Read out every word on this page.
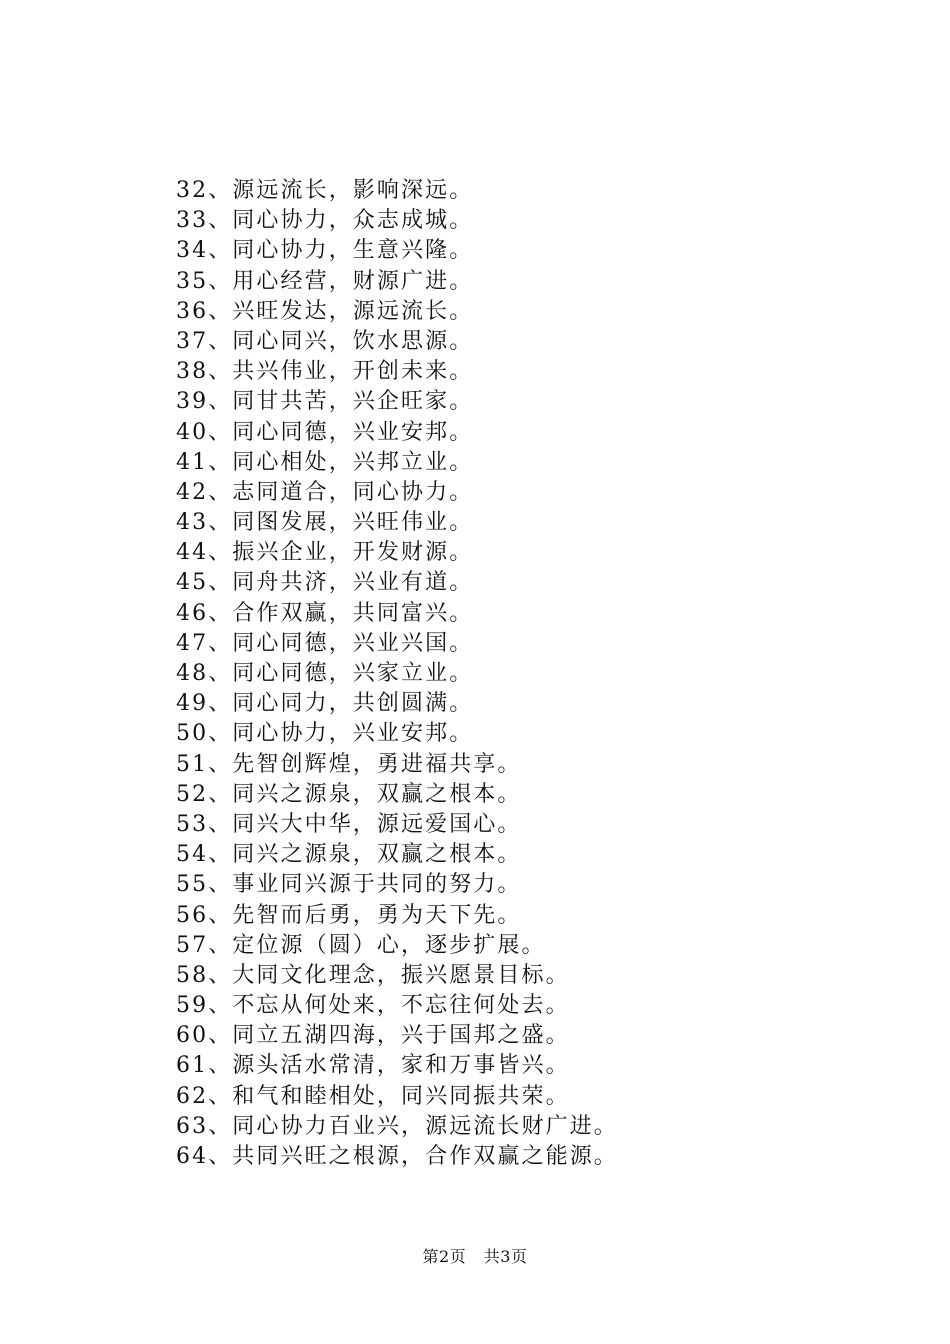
32、源远流长，影响深远。
33、同心协力，众志成城。
34、同心协力，生意兴隆。
35、用心经营，财源广进。
36、兴旺发达，源远流长。
37、同心同兴，饮水思源。
38、共兴伟业，开创未来。
39、同甘共苦，兴企旺家。
40、同心同德，兴业安邦。
41、同心相处，兴邦立业。
42、志同道合，同心协力。
43、同图发展，兴旺伟业。
44、振兴企业，开发财源。
45、同舟共济，兴业有道。
46、合作双赢，共同富兴。
47、同心同德，兴业兴国。
48、同心同德，兴家立业。
49、同心同力，共创圆满。
50、同心协力，兴业安邦。
51、先智创辉煌，勇进福共享。
52、同兴之源泉，双赢之根本。
53、同兴大中华，源远爱国心。
54、同兴之源泉，双赢之根本。
55、事业同兴源于共同的努力。
56、先智而后勇，勇为天下先。
57、定位源（圆）心，逐步扩展。
58、大同文化理念，振兴愿景目标。
59、不忘从何处来，不忘往何处去。
60、同立五湖四海，兴于国邦之盛。
61、源头活水常清，家和万事皆兴。
62、和气和睦相处，同兴同振共荣。
63、同心协力百业兴，源远流长财广进。
64、共同兴旺之根源，合作双赢之能源。
第2页 共3页
